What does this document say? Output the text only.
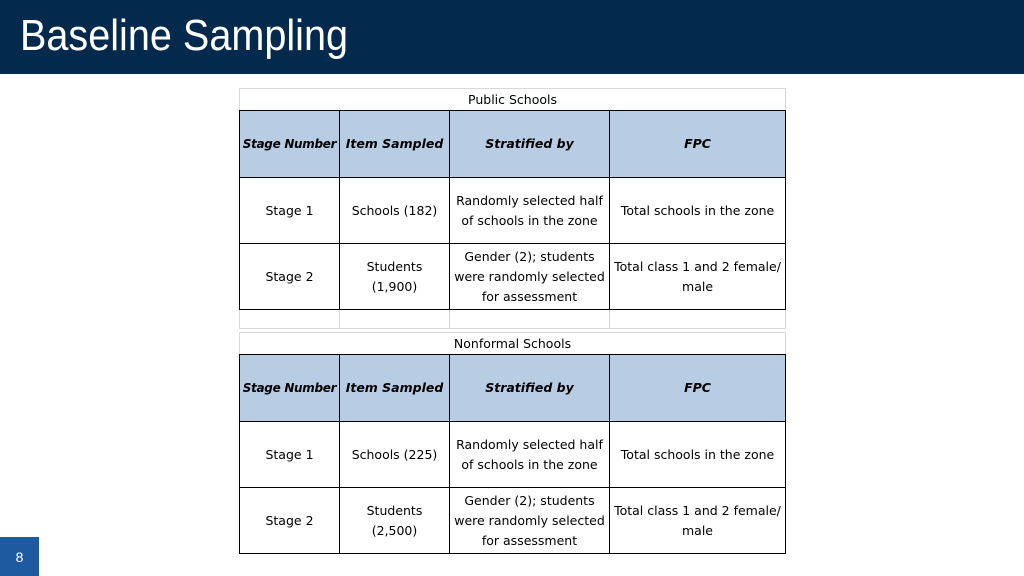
Baseline Sampling
Public Schools			
Stage Number	Item Sampled	Stratified by	FPC
Stage 1	Schools (182)	Randomly selected half of schools in the zone	Total schools in the zone
Stage 2	Students (1,900)	Gender (2); students were randomly selected for assessment	Total class 1 and 2 female/ male

Nonformal Schools			
Stage Number	Item Sampled	Stratified by	FPC
Stage 1	Schools (225)	Randomly selected half of schools in the zone	Total schools in the zone
Stage 2	Students (2,500)	Gender (2); students were randomly selected for assessment	Total class 1 and 2 female/ male
8
